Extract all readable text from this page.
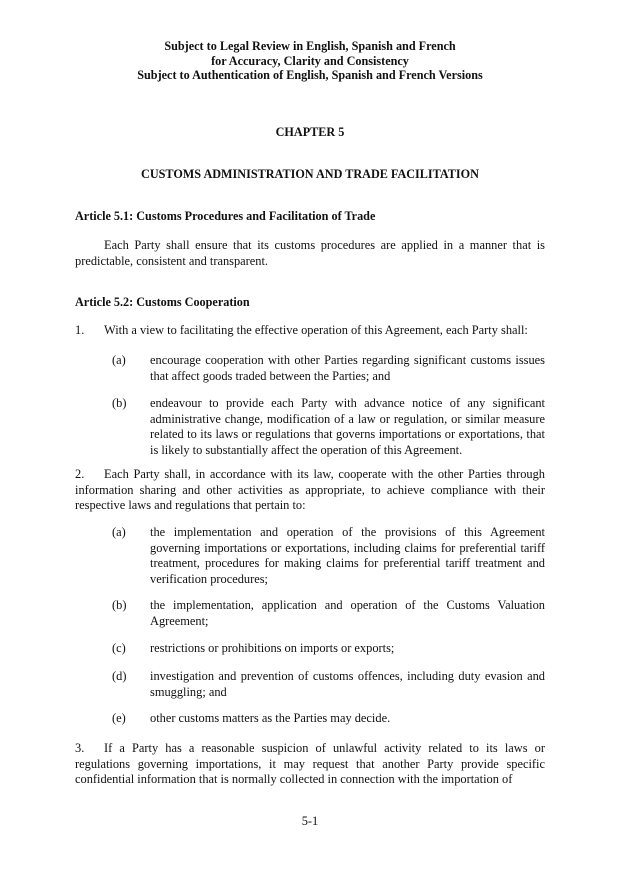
Subject to Legal Review in English, Spanish and French
for Accuracy, Clarity and Consistency
Subject to Authentication of English, Spanish and French Versions
CHAPTER 5
CUSTOMS ADMINISTRATION AND TRADE FACILITATION
Article 5.1: Customs Procedures and Facilitation of Trade
Each Party shall ensure that its customs procedures are applied in a manner that is predictable, consistent and transparent.
Article 5.2: Customs Cooperation
1. With a view to facilitating the effective operation of this Agreement, each Party shall:
(a)	encourage cooperation with other Parties regarding significant customs issues that affect goods traded between the Parties; and
(b)	endeavour to provide each Party with advance notice of any significant administrative change, modification of a law or regulation, or similar measure related to its laws or regulations that governs importations or exportations, that is likely to substantially affect the operation of this Agreement.
2. Each Party shall, in accordance with its law, cooperate with the other Parties through information sharing and other activities as appropriate, to achieve compliance with their respective laws and regulations that pertain to:
(a)	the implementation and operation of the provisions of this Agreement governing importations or exportations, including claims for preferential tariff treatment, procedures for making claims for preferential tariff treatment and verification procedures;
(b)	the implementation, application and operation of the Customs Valuation Agreement;
(c)	restrictions or prohibitions on imports or exports;
(d)	investigation and prevention of customs offences, including duty evasion and smuggling; and
(e)	other customs matters as the Parties may decide.
3. If a Party has a reasonable suspicion of unlawful activity related to its laws or regulations governing importations, it may request that another Party provide specific confidential information that is normally collected in connection with the importation of
5-1
